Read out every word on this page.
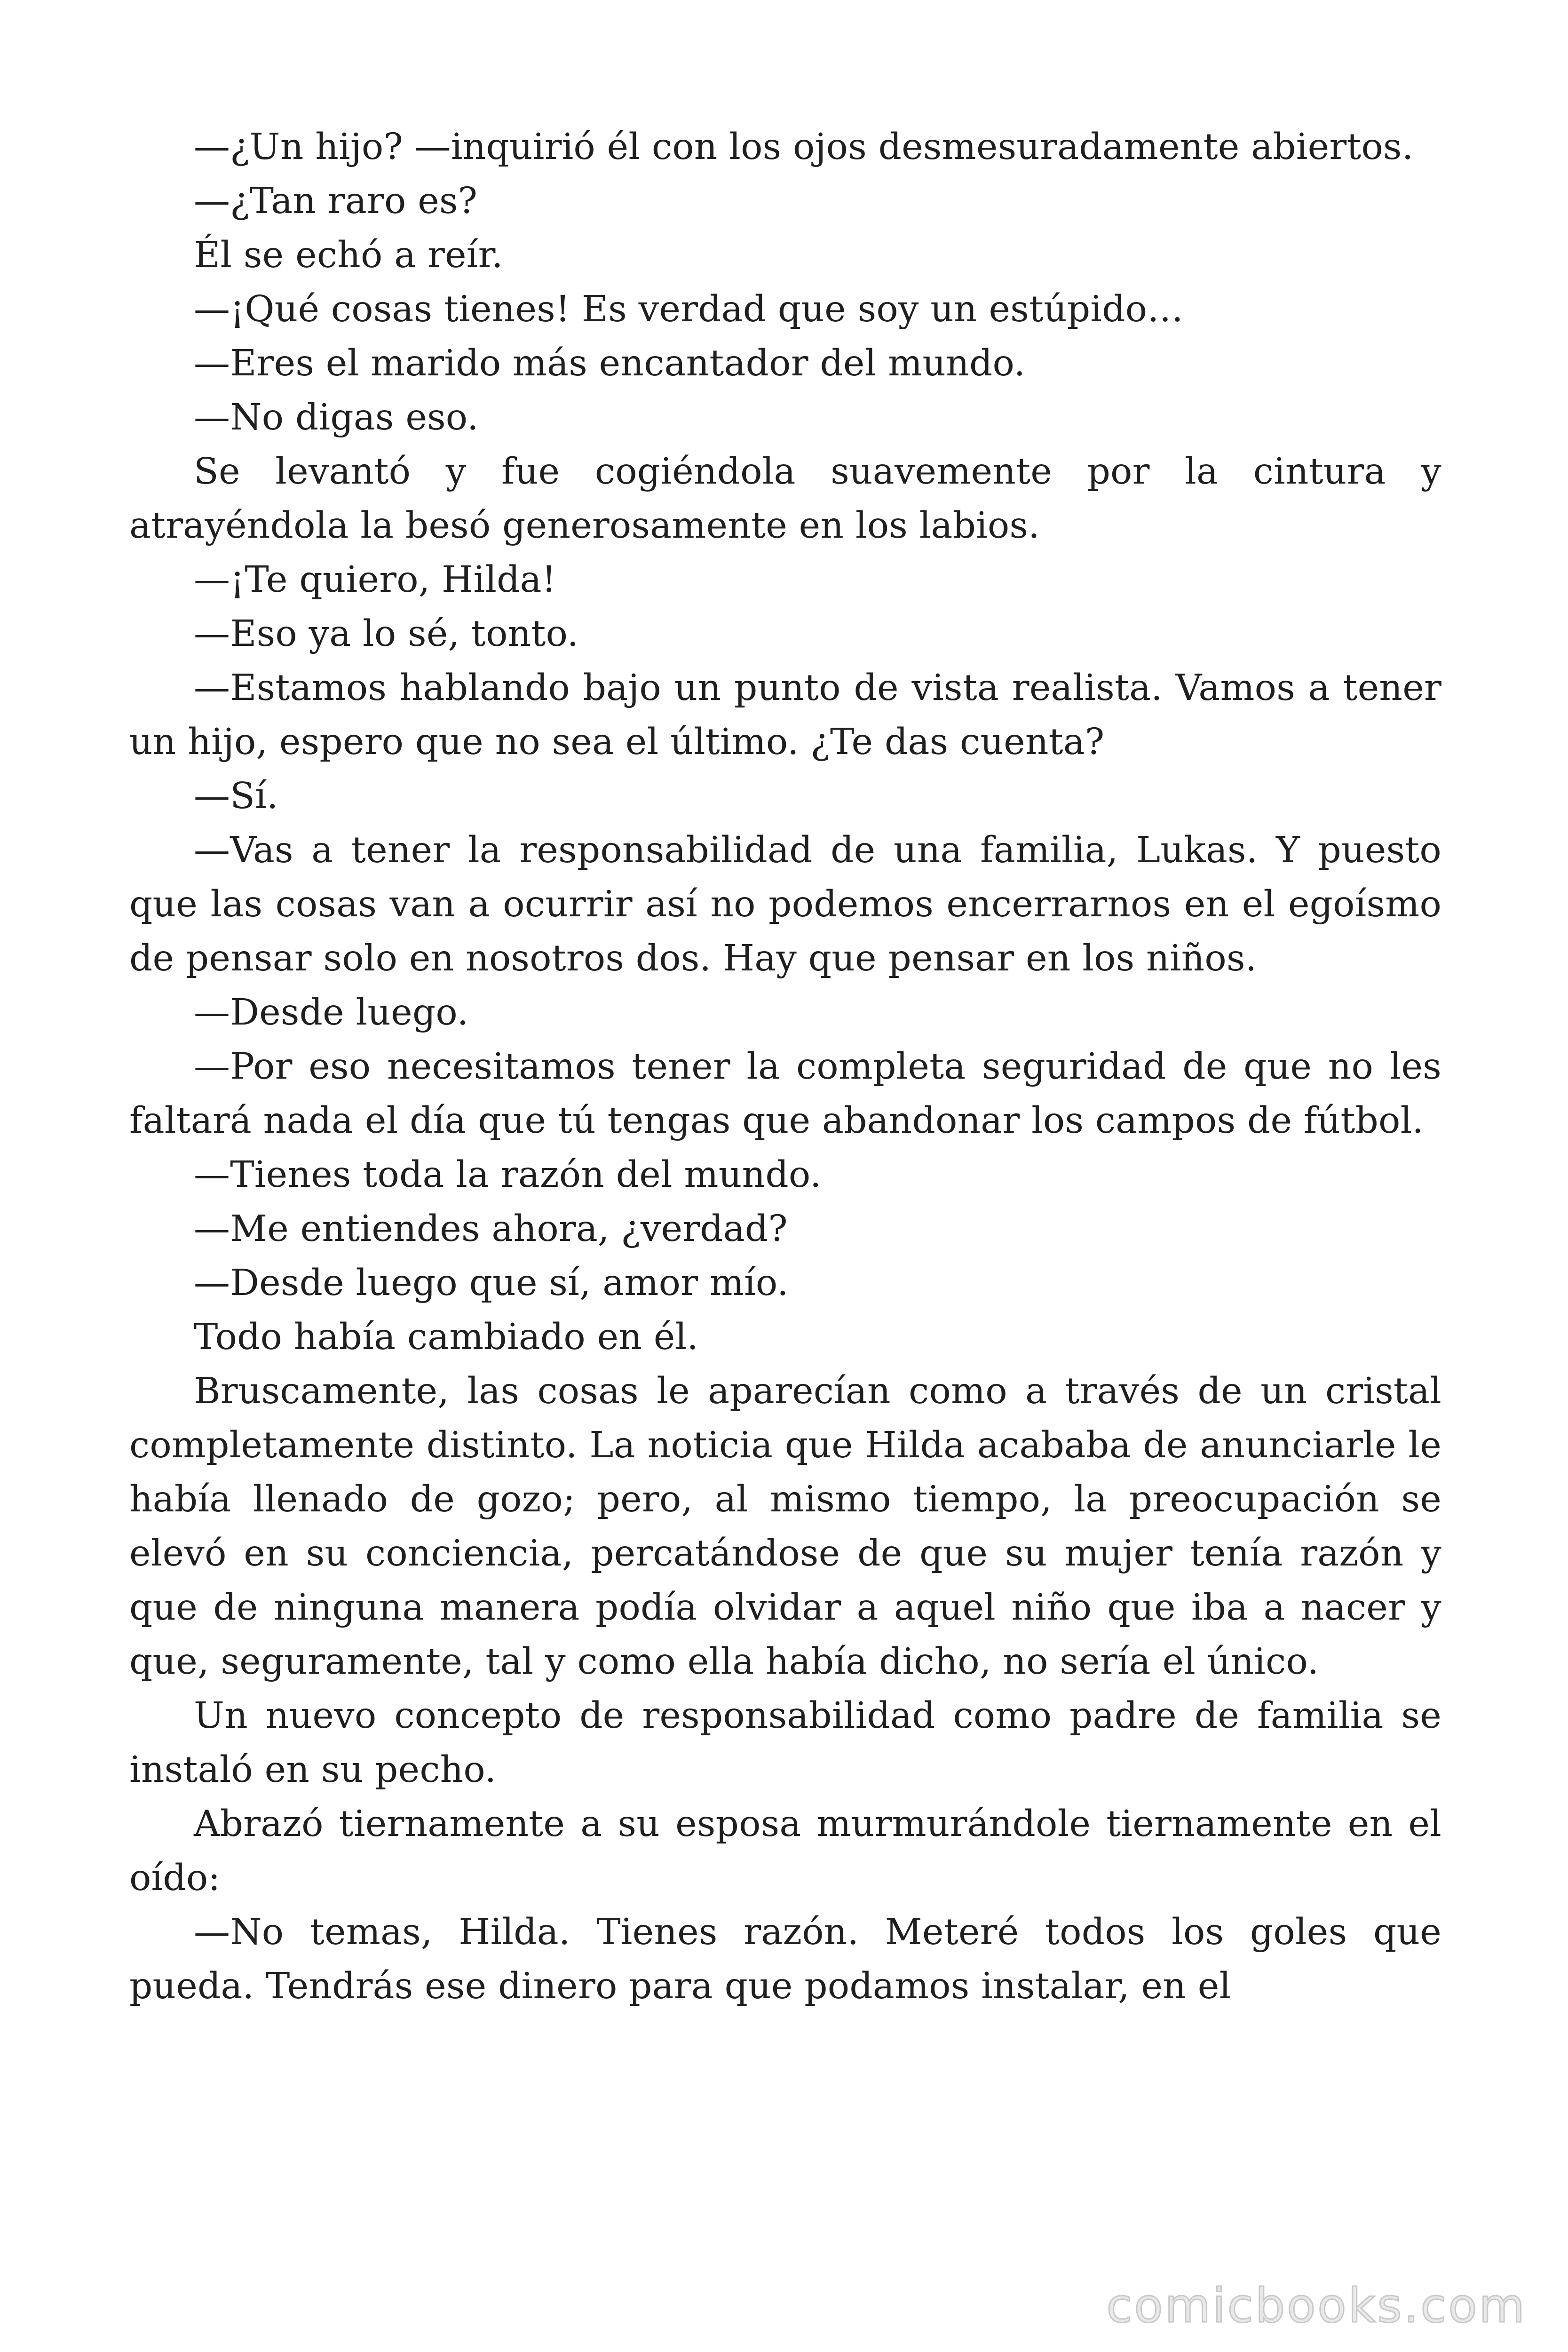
—¿Un hijo? —inquirió él con los ojos desmesuradamente abiertos.

—¿Tan raro es?

Él se echó a reír.

—¡Qué cosas tienes! Es verdad que soy un estúpido…

—Eres el marido más encantador del mundo.

—No digas eso.

Se levantó y fue cogiéndola suavemente por la cintura y atrayéndola la besó generosamente en los labios.

—¡Te quiero, Hilda!

—Eso ya lo sé, tonto.

—Estamos hablando bajo un punto de vista realista. Vamos a tener un hijo, espero que no sea el último. ¿Te das cuenta?

—Sí.

—Vas a tener la responsabilidad de una familia, Lukas. Y puesto que las cosas van a ocurrir así no podemos encerrarnos en el egoísmo de pensar solo en nosotros dos. Hay que pensar en los niños.

—Desde luego.

—Por eso necesitamos tener la completa seguridad de que no les faltará nada el día que tú tengas que abandonar los campos de fútbol.

—Tienes toda la razón del mundo.

—Me entiendes ahora, ¿verdad?

—Desde luego que sí, amor mío.

Todo había cambiado en él.

Bruscamente, las cosas le aparecían como a través de un cristal completamente distinto. La noticia que Hilda acababa de anunciarle le había llenado de gozo; pero, al mismo tiempo, la preocupación se elevó en su conciencia, percatándose de que su mujer tenía razón y que de ninguna manera podía olvidar a aquel niño que iba a nacer y que, seguramente, tal y como ella había dicho, no sería el único.

Un nuevo concepto de responsabilidad como padre de familia se instaló en su pecho.

Abrazó tiernamente a su esposa murmurándole tiernamente en el oído:

—No temas, Hilda. Tienes razón. Meteré todos los goles que pueda. Tendrás ese dinero para que podamos instalar, en el

comicbooks.com
